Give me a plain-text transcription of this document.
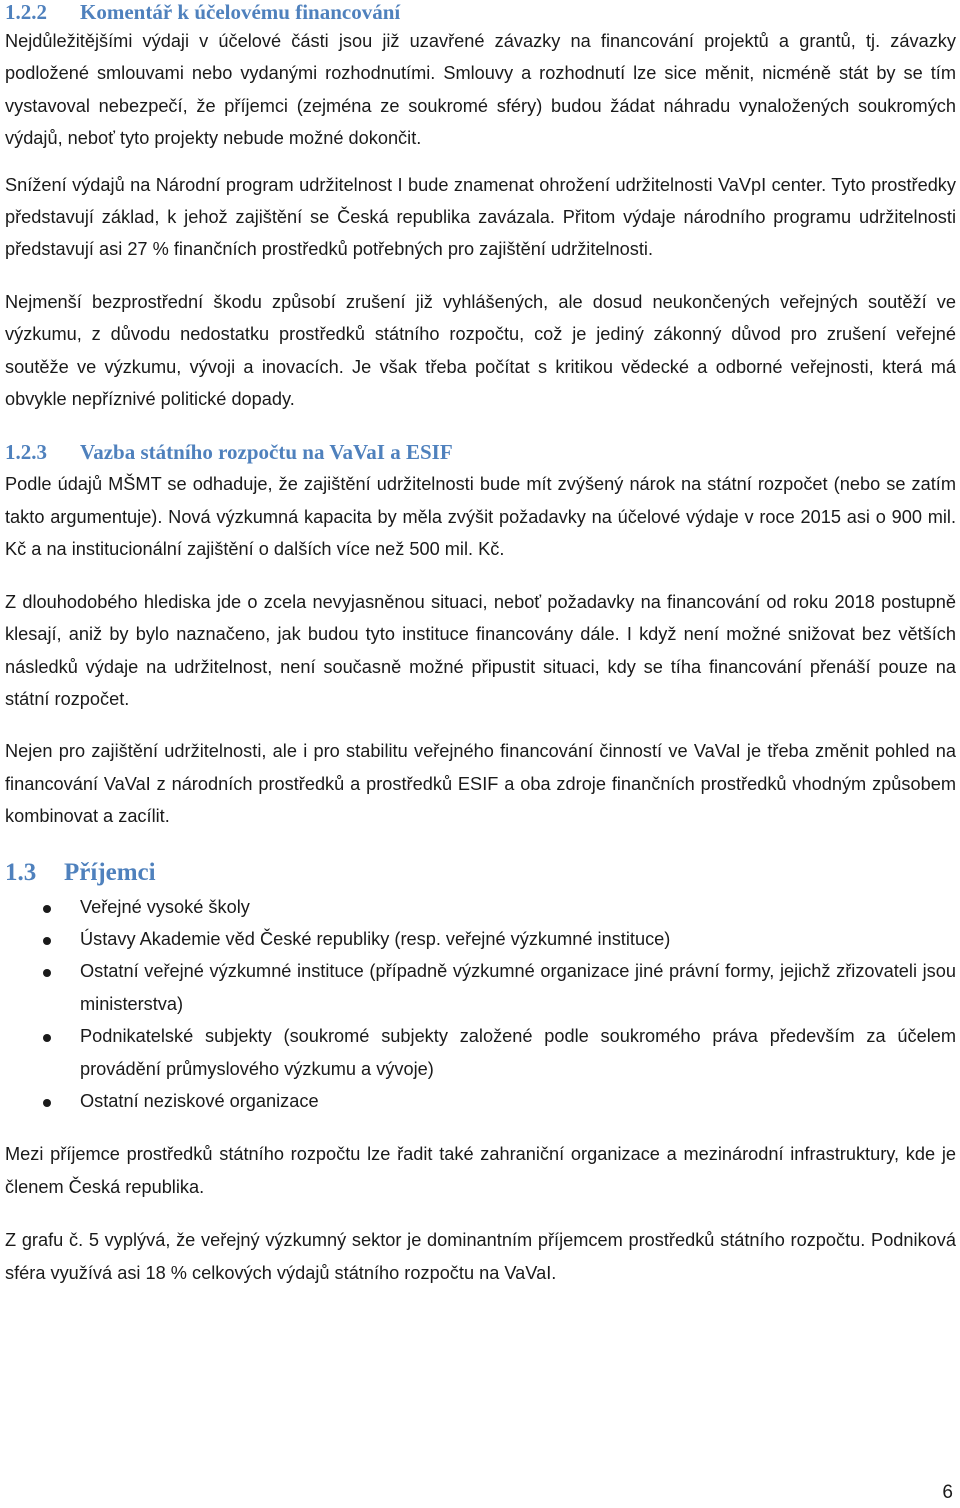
1.2.2 Komentář k účelovému financování

Nejdůležitějšími výdaji v účelové části jsou již uzavřené závazky na financování projektů a grantů, tj. závazky podložené smlouvami nebo vydanými rozhodnutími. Smlouvy a rozhodnutí lze sice měnit, nicméně stát by se tím vystavoval nebezpečí, že příjemci (zejména ze soukromé sféry) budou žádat náhradu vynaložených soukromých výdajů, neboť tyto projekty nebude možné dokončit.

Snížení výdajů na Národní program udržitelnost I bude znamenat ohrožení udržitelnosti VaVpI center. Tyto prostředky představují základ, k jehož zajištění se Česká republika zavázala. Přitom výdaje národního programu udržitelnosti představují asi 27 % finančních prostředků potřebných pro zajištění udržitelnosti.

Nejmenší bezprostřední škodu způsobí zrušení již vyhlášených, ale dosud neukončených veřejných soutěží ve výzkumu, z důvodu nedostatku prostředků státního rozpočtu, což je jediný zákonný důvod pro zrušení veřejné soutěže ve výzkumu, vývoji a inovacích. Je však třeba počítat s kritikou vědecké a odborné veřejnosti, která má obvykle nepříznivé politické dopady.

1.2.3 Vazba státního rozpočtu na VaVaI a ESIF

Podle údajů MŠMT se odhaduje, že zajištění udržitelnosti bude mít zvýšený nárok na státní rozpočet (nebo se zatím takto argumentuje). Nová výzkumná kapacita by měla zvýšit požadavky na účelové výdaje v roce 2015 asi o 900 mil. Kč a na institucionální zajištění o dalších více než 500 mil. Kč.

Z dlouhodobého hlediska jde o zcela nevyjasněnou situaci, neboť požadavky na financování od roku 2018 postupně klesají, aniž by bylo naznačeno, jak budou tyto instituce financovány dále. I když není možné snižovat bez větších následků výdaje na udržitelnost, není současně možné připustit situaci, kdy se tíha financování přenáší pouze na státní rozpočet.

Nejen pro zajištění udržitelnosti, ale i pro stabilitu veřejného financování činností ve VaVaI je třeba změnit pohled na financování VaVaI z národních prostředků a prostředků ESIF a oba zdroje finančních prostředků vhodným způsobem kombinovat a zacílit.

1.3 Příjemci
Veřejné vysoké školy
Ústavy Akademie věd České republiky (resp. veřejné výzkumné instituce)
Ostatní veřejné výzkumné instituce (případně výzkumné organizace jiné právní formy, jejichž zřizovateli jsou ministerstva)
Podnikatelské subjekty (soukromé subjekty založené podle soukromého práva především za účelem provádění průmyslového výzkumu a vývoje)
Ostatní neziskové organizace

Mezi příjemce prostředků státního rozpočtu lze řadit také zahraniční organizace a mezinárodní infrastruktury, kde je členem Česká republika.

Z grafu č. 5 vyplývá, že veřejný výzkumný sektor je dominantním příjemcem prostředků státního rozpočtu. Podniková sféra využívá asi 18 % celkových výdajů státního rozpočtu na VaVaI.

6
